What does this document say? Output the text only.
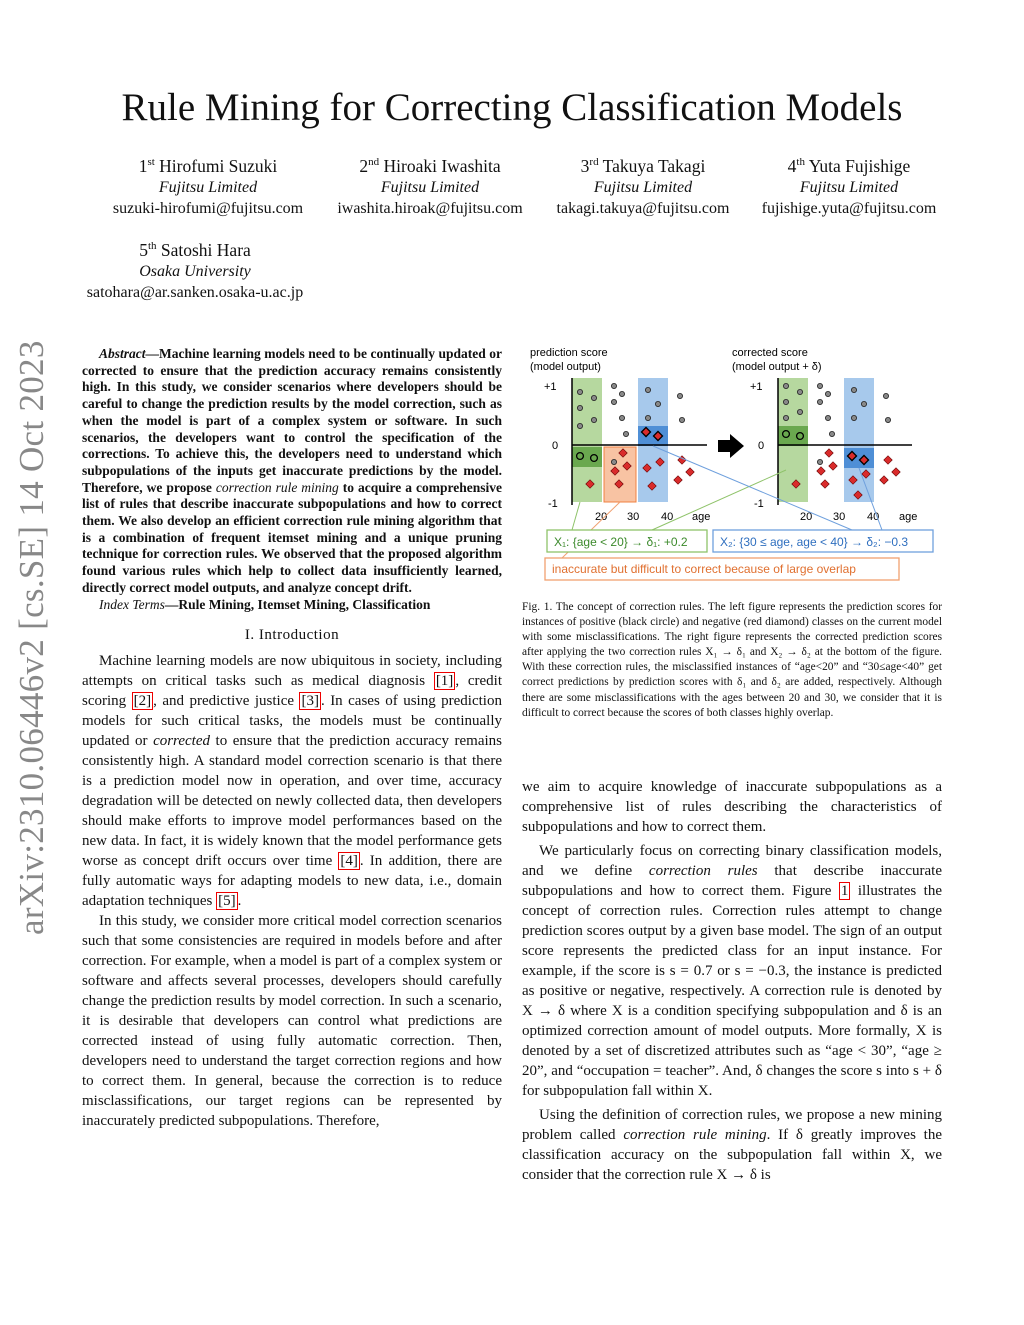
arXiv:2310.06446v2 [cs.SE] 14 Oct 2023
Rule Mining for Correcting Classification Models
1st Hirofumi Suzuki
Fujitsu Limited
suzuki-hirofumi@fujitsu.com
2nd Hiroaki Iwashita
Fujitsu Limited
iwashita.hiroak@fujitsu.com
3rd Takuya Takagi
Fujitsu Limited
takagi.takuya@fujitsu.com
4th Yuta Fujishige
Fujitsu Limited
fujishige.yuta@fujitsu.com
5th Satoshi Hara
Osaka University
satohara@ar.sanken.osaka-u.ac.jp

Abstract—Machine learning models need to be continually updated or corrected to ensure that the prediction accuracy remains consistently high. In this study, we consider scenarios where developers should be careful to change the prediction results by the model correction, such as when the model is part of a complex system or software. In such scenarios, the developers want to control the specification of the corrections. To achieve this, the developers need to understand which subpopulations of the inputs get inaccurate predictions by the model. Therefore, we propose correction rule mining to acquire a comprehensive list of rules that describe inaccurate subpopulations and how to correct them. We also develop an efficient correction rule mining algorithm that is a combination of frequent itemset mining and a unique pruning technique for correction rules. We observed that the proposed algorithm found various rules which help to collect data insufficiently learned, directly correct model outputs, and analyze concept drift.

Index Terms—Rule Mining, Itemset Mining, Classification

I. Introduction

Machine learning models are now ubiquitous in society, including attempts on critical tasks such as medical diagnosis [1] , credit scoring [2] , and predictive justice [3] . In cases of using prediction models for such critical tasks, the models must be continually updated or corrected to ensure that the prediction accuracy remains consistently high. A standard model correction scenario is that there is a prediction model now in operation, and over time, accuracy degradation will be detected on newly collected data, then developers should make efforts to improve model performances based on the new data. In fact, it is widely known that the model performance gets worse as concept drift occurs over time [4] . In addition, there are fully automatic ways for adapting models to new data, i.e., domain adaptation techniques [5] .

In this study, we consider more critical model correction scenarios such that some consistencies are required in models before and after correction. For example, when a model is part of a complex system or software and affects several processes, developers should carefully change the prediction results by model correction. In such a scenario, it is desirable that developers can control what predictions are corrected instead of using fully automatic correction. Then, developers need to understand the target correction regions and how to correct them. In general, because the correction is to reduce misclassifications, our target regions can be represented by inaccurately predicted subpopulations. Therefore,

prediction score
(model output)
corrected score
(model output + δ)
+1
0
-1
20 30 40 age
+1
0
-1
20 30 40 age
X₁: {age < 20} → δ₁: +0.2	X₂: {30 ≤ age, age < 40} → δ₂: −0.3
inaccurate but difficult to correct because of large overlap
Fig. 1. The concept of correction rules. The left figure represents the prediction scores for instances of positive (black circle) and negative (red diamond) classes on the current model with some misclassifications. The right figure represents the corrected prediction scores after applying the two correction rules X₁ → δ₁ and X₂ → δ₂ at the bottom of the figure. With these correction rules, the misclassified instances of “age<20” and “30≤age<40” get correct predictions by prediction scores with δ₁ and δ₂ are added, respectively. Although there are some misclassifications with the ages between 20 and 30, we consider that it is difficult to correct because the scores of both classes highly overlap.

we aim to acquire knowledge of inaccurate subpopulations as a comprehensive list of rules describing the characteristics of subpopulations and how to correct them.

We particularly focus on correcting binary classification models, and we define correction rules that describe inaccurate subpopulations and how to correct them. Figure 1 illustrates the concept of correction rules. Correction rules attempt to change prediction scores output by a given base model. The sign of an output score represents the predicted class for an input instance. For example, if the score is s = 0.7 or s = −0.3, the instance is predicted as positive or negative, respectively. A correction rule is denoted by X → δ where X is a condition specifying subpopulation and δ is an optimized correction amount of model outputs. More formally, X is denoted by a set of discretized attributes such as “age < 30”, “age ≥ 20”, and “occupation = teacher”. And, δ changes the score s into s + δ for subpopulation fall within X.

Using the definition of correction rules, we propose a new mining problem called correction rule mining. If δ greatly improves the classification accuracy on the subpopulation fall within X, we consider that the correction rule X → δ is
